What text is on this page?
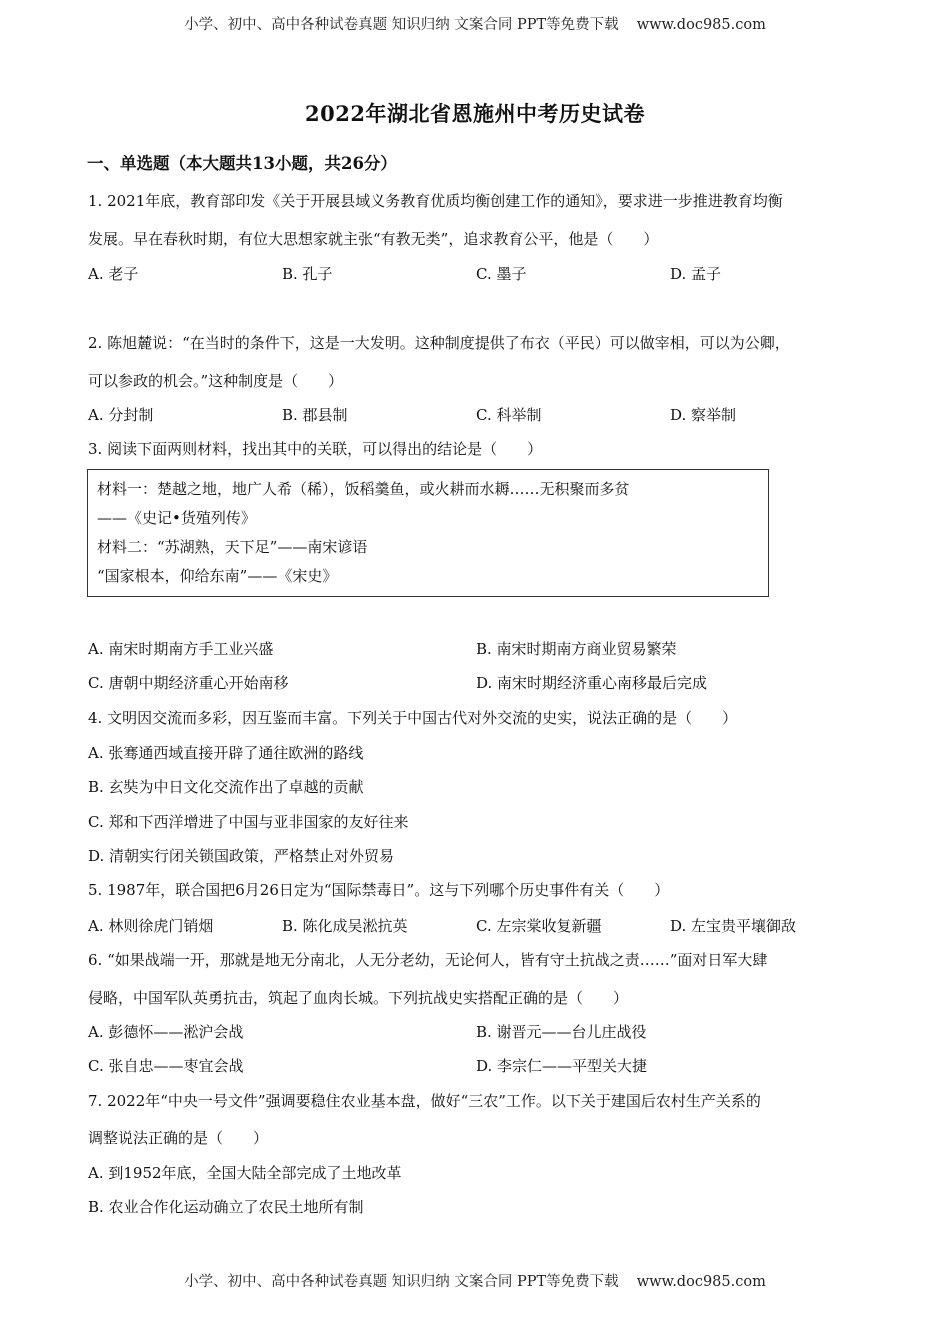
小学、初中、高中各种试卷真题 知识归纳 文案合同 PPT等免费下载 www.doc985.com
2022年湖北省恩施州中考历史试卷
一、单选题（本大题共13小题，共26分）
1. 2021年底，教育部印发《关于开展县域义务教育优质均衡创建工作的通知》，要求进一步推进教育均衡
发展。早在春秋时期，有位大思想家就主张“有教无类”，追求教育公平，他是（　　）
A. 老子	B. 孔子	C. 墨子	D. 孟子
2. 陈旭麓说：“在当时的条件下，这是一大发明。这种制度提供了布衣（平民）可以做宰相，可以为公卿，
可以参政的机会。”这种制度是（　　）
A. 分封制	B. 郡县制	C. 科举制	D. 察举制
3. 阅读下面两则材料，找出其中的关联，可以得出的结论是（　　）
材料一：楚越之地，地广人希（稀），饭稻羹鱼，或火耕而水耨……无积聚而多贫
——《史记•货殖列传》
材料二：“苏湖熟，天下足”——南宋谚语
“国家根本，仰给东南”——《宋史》
A. 南宋时期南方手工业兴盛	B. 南宋时期南方商业贸易繁荣
C. 唐朝中期经济重心开始南移	D. 南宋时期经济重心南移最后完成
4. 文明因交流而多彩，因互鉴而丰富。下列关于中国古代对外交流的史实，说法正确的是（　　）
A. 张骞通西域直接开辟了通往欧洲的路线
B. 玄奘为中日文化交流作出了卓越的贡献
C. 郑和下西洋增进了中国与亚非国家的友好往来
D. 清朝实行闭关锁国政策，严格禁止对外贸易
5. 1987年，联合国把6月26日定为“国际禁毒日”。这与下列哪个历史事件有关（　　）
A. 林则徐虎门销烟	B. 陈化成吴淞抗英	C. 左宗棠收复新疆	D. 左宝贵平壤御敌
6. “如果战端一开，那就是地无分南北，人无分老幼，无论何人，皆有守土抗战之责……”面对日军大肆
侵略，中国军队英勇抗击，筑起了血肉长城。下列抗战史实搭配正确的是（　　）
A. 彭德怀——淞沪会战	B. 谢晋元——台儿庄战役
C. 张自忠——枣宜会战	D. 李宗仁——平型关大捷
7. 2022年“中央一号文件”强调要稳住农业基本盘，做好“三农”工作。以下关于建国后农村生产关系的
调整说法正确的是（　　）
A. 到1952年底，全国大陆全部完成了土地改革
B. 农业合作化运动确立了农民土地所有制
小学、初中、高中各种试卷真题 知识归纳 文案合同 PPT等免费下载 www.doc985.com
